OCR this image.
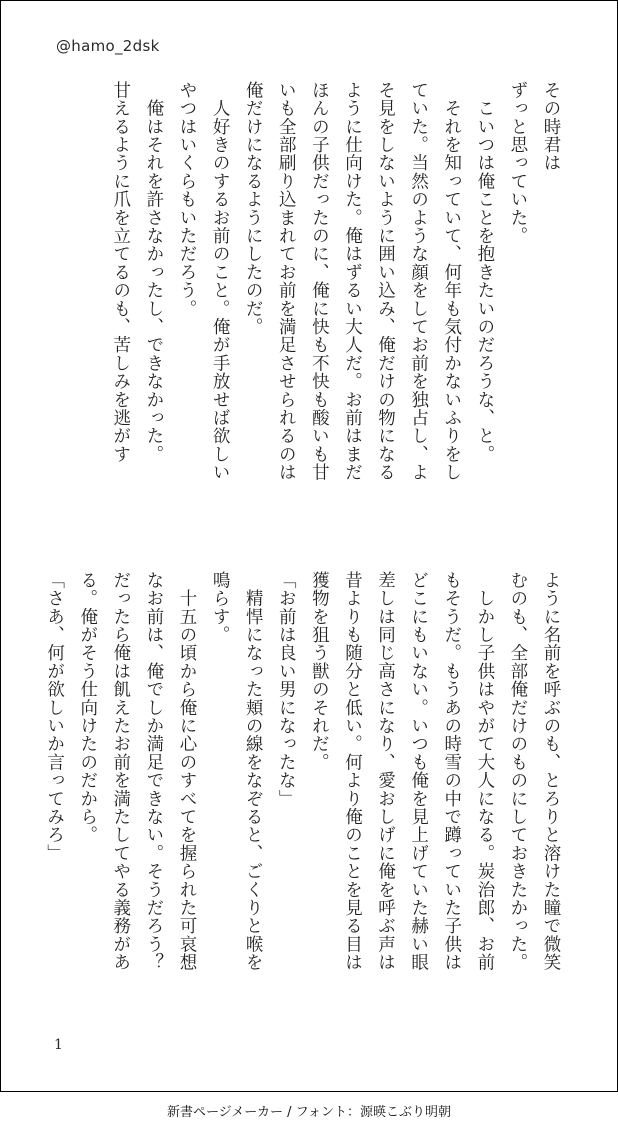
@hamo_2dsk
その時君は
ずっと思っていた。
　こいつは俺ことを抱きたいのだろうな、と。
　それを知っていて、何年も気付かないふりをし
ていた。当然のような顔をしてお前を独占し、よ
そ見をしないように囲い込み、俺だけの物になる
ように仕向けた。俺はずるい大人だ。お前はまだ
ほんの子供だったのに、俺に快も不快も酸いも甘
いも全部刷り込まれてお前を満足させられるのは
俺だけになるようにしたのだ。
　人好きのするお前のこと。俺が手放せば欲しい
やつはいくらもいただろう。
　俺はそれを許さなかったし、できなかった。
甘えるように爪を立てるのも、苦しみを逃がす
ように名前を呼ぶのも、とろりと溶けた瞳で微笑
むのも、全部俺だけのものにしておきたかった。
　しかし子供はやがて大人になる。炭治郎、お前
もそうだ。もうあの時雪の中で蹲っていた子供は
どこにもいない。いつも俺を見上げていた赫い眼
差しは同じ高さになり、愛おしげに俺を呼ぶ声は
昔よりも随分と低い。何より俺のことを見る目は
獲物を狙う獣のそれだ。
「お前は良い男になったな」
　精悍になった頬の線をなぞると、ごくりと喉を
鳴らす。
　十五の頃から俺に心のすべてを握られた可哀想
なお前は、俺でしか満足できない。そうだろう？
だったら俺は飢えたお前を満たしてやる義務があ
る。俺がそう仕向けたのだから。
「さあ、何が欲しいか言ってみろ」
1
新書ページメーカー / フォント：源暎こぶり明朝
